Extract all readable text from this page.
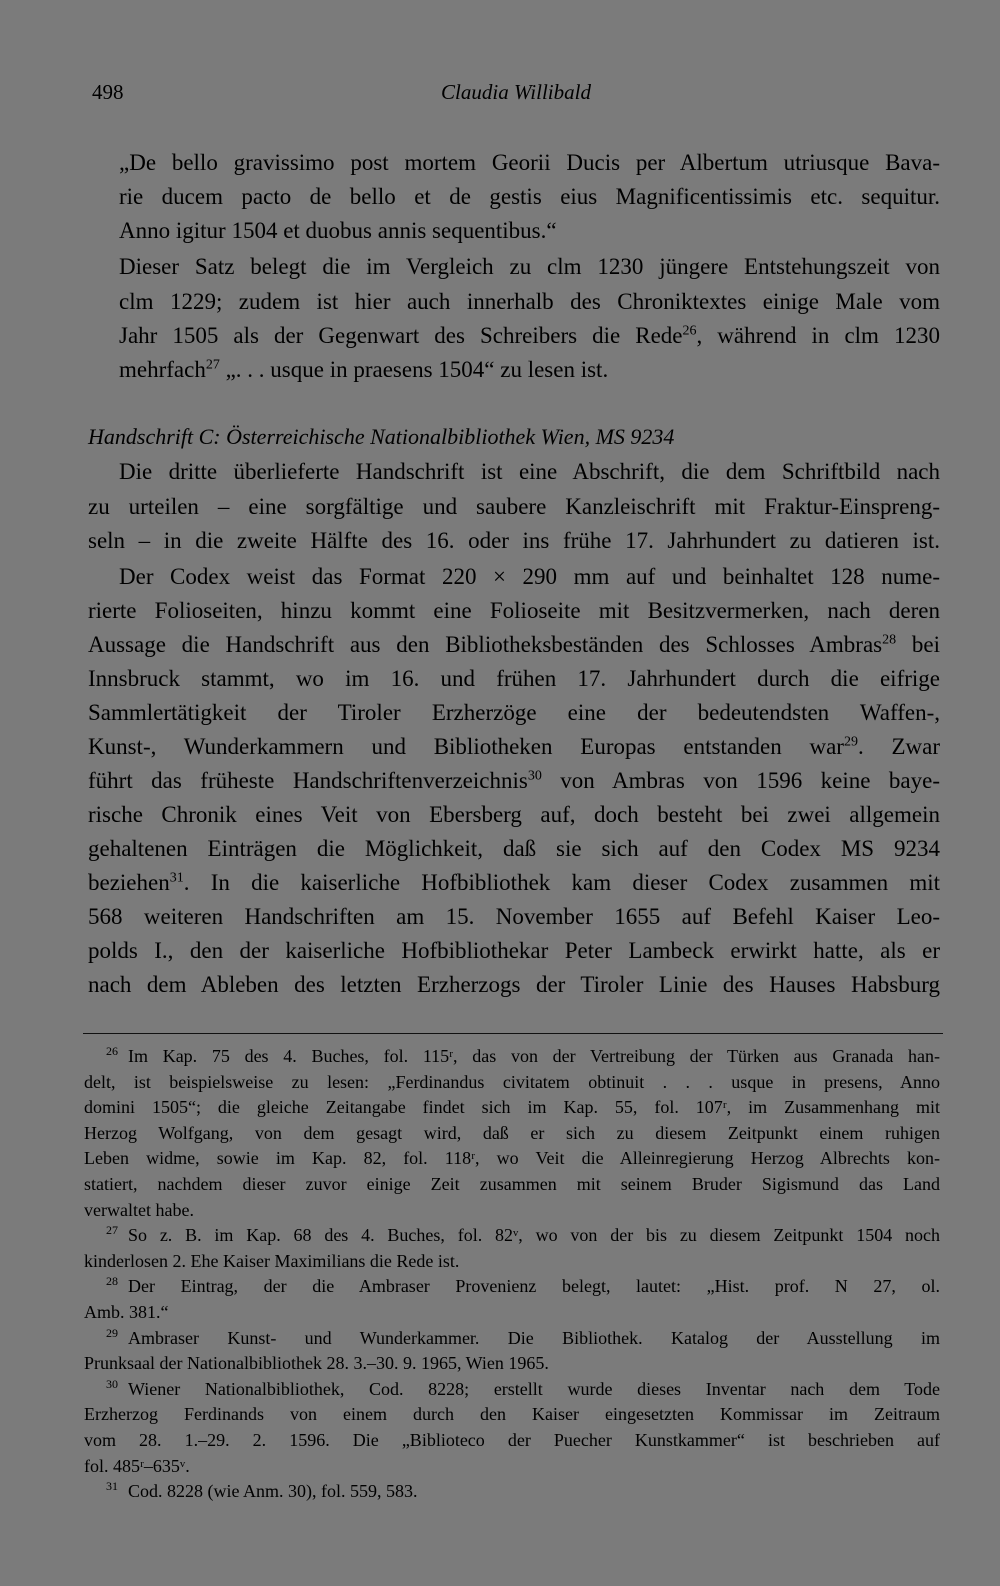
498	Claudia Willibald
„De bello gravissimo post mortem Georii Ducis per Albertum utriusque Bava-
rie ducem pacto de bello et de gestis eius Magnificentissimis etc. sequitur.
Anno igitur 1504 et duobus annis sequentibus.“
Dieser Satz belegt die im Vergleich zu clm 1230 jüngere Entstehungszeit von
clm 1229; zudem ist hier auch innerhalb des Chroniktextes einige Male vom
Jahr 1505 als der Gegenwart des Schreibers die Rede$^{26}$, während in clm 1230
mehrfach$^{27}$ „. . . usque in praesens 1504“ zu lesen ist.
Handschrift C: Österreichische Nationalbibliothek Wien, MS 9234
Die dritte überlieferte Handschrift ist eine Abschrift, die dem Schriftbild nach
zu urteilen – eine sorgfältige und saubere Kanzleischrift mit Fraktur-Einspreng-
seln – in die zweite Hälfte des 16. oder ins frühe 17. Jahrhundert zu datieren ist.
Der Codex weist das Format 220 × 290 mm auf und beinhaltet 128 nume-
rierte Folioseiten, hinzu kommt eine Folioseite mit Besitzvermerken, nach deren
Aussage die Handschrift aus den Bibliotheksbeständen des Schlosses Ambras$^{28}$ bei
Innsbruck stammt, wo im 16. und frühen 17. Jahrhundert durch die eifrige
Sammlertätigkeit der Tiroler Erzherzöge eine der bedeutendsten Waffen-,
Kunst-, Wunderkammern und Bibliotheken Europas entstanden war$^{29}$. Zwar
führt das früheste Handschriftenverzeichnis$^{30}$ von Ambras von 1596 keine baye-
rische Chronik eines Veit von Ebersberg auf, doch besteht bei zwei allgemein
gehaltenen Einträgen die Möglichkeit, daß sie sich auf den Codex MS 9234
beziehen$^{31}$. In die kaiserliche Hofbibliothek kam dieser Codex zusammen mit
568 weiteren Handschriften am 15. November 1655 auf Befehl Kaiser Leo-
polds I., den der kaiserliche Hofbibliothekar Peter Lambeck erwirkt hatte, als er
nach dem Ableben des letzten Erzherzogs der Tiroler Linie des Hauses Habsburg
$^{26}$ Im Kap. 75 des 4. Buches, fol. 115ʳ, das von der Vertreibung der Türken aus Granada han-
delt, ist beispielsweise zu lesen: „Ferdinandus civitatem obtinuit . . . usque in presens, Anno
domini 1505“; die gleiche Zeitangabe findet sich im Kap. 55, fol. 107ʳ, im Zusammenhang mit
Herzog Wolfgang, von dem gesagt wird, daß er sich zu diesem Zeitpunkt einem ruhigen
Leben widme, sowie im Kap. 82, fol. 118ʳ, wo Veit die Alleinregierung Herzog Albrechts kon-
statiert, nachdem dieser zuvor einige Zeit zusammen mit seinem Bruder Sigismund das Land
verwaltet habe.
$^{27}$ So z. B. im Kap. 68 des 4. Buches, fol. 82ᵛ, wo von der bis zu diesem Zeitpunkt 1504 noch
kinderlosen 2. Ehe Kaiser Maximilians die Rede ist.
$^{28}$ Der Eintrag, der die Ambraser Provenienz belegt, lautet: „Hist. prof. N 27, ol.
Amb. 381.“
$^{29}$ Ambraser Kunst- und Wunderkammer. Die Bibliothek. Katalog der Ausstellung im
Prunksaal der Nationalbibliothek 28. 3.–30. 9. 1965, Wien 1965.
$^{30}$ Wiener Nationalbibliothek, Cod. 8228; erstellt wurde dieses Inventar nach dem Tode
Erzherzog Ferdinands von einem durch den Kaiser eingesetzten Kommissar im Zeitraum
vom 28. 1.–29. 2. 1596. Die „Biblioteco der Puecher Kunstkammer“ ist beschrieben auf
fol. 485ʳ–635ᵛ.
$^{31}$ Cod. 8228 (wie Anm. 30), fol. 559, 583.
